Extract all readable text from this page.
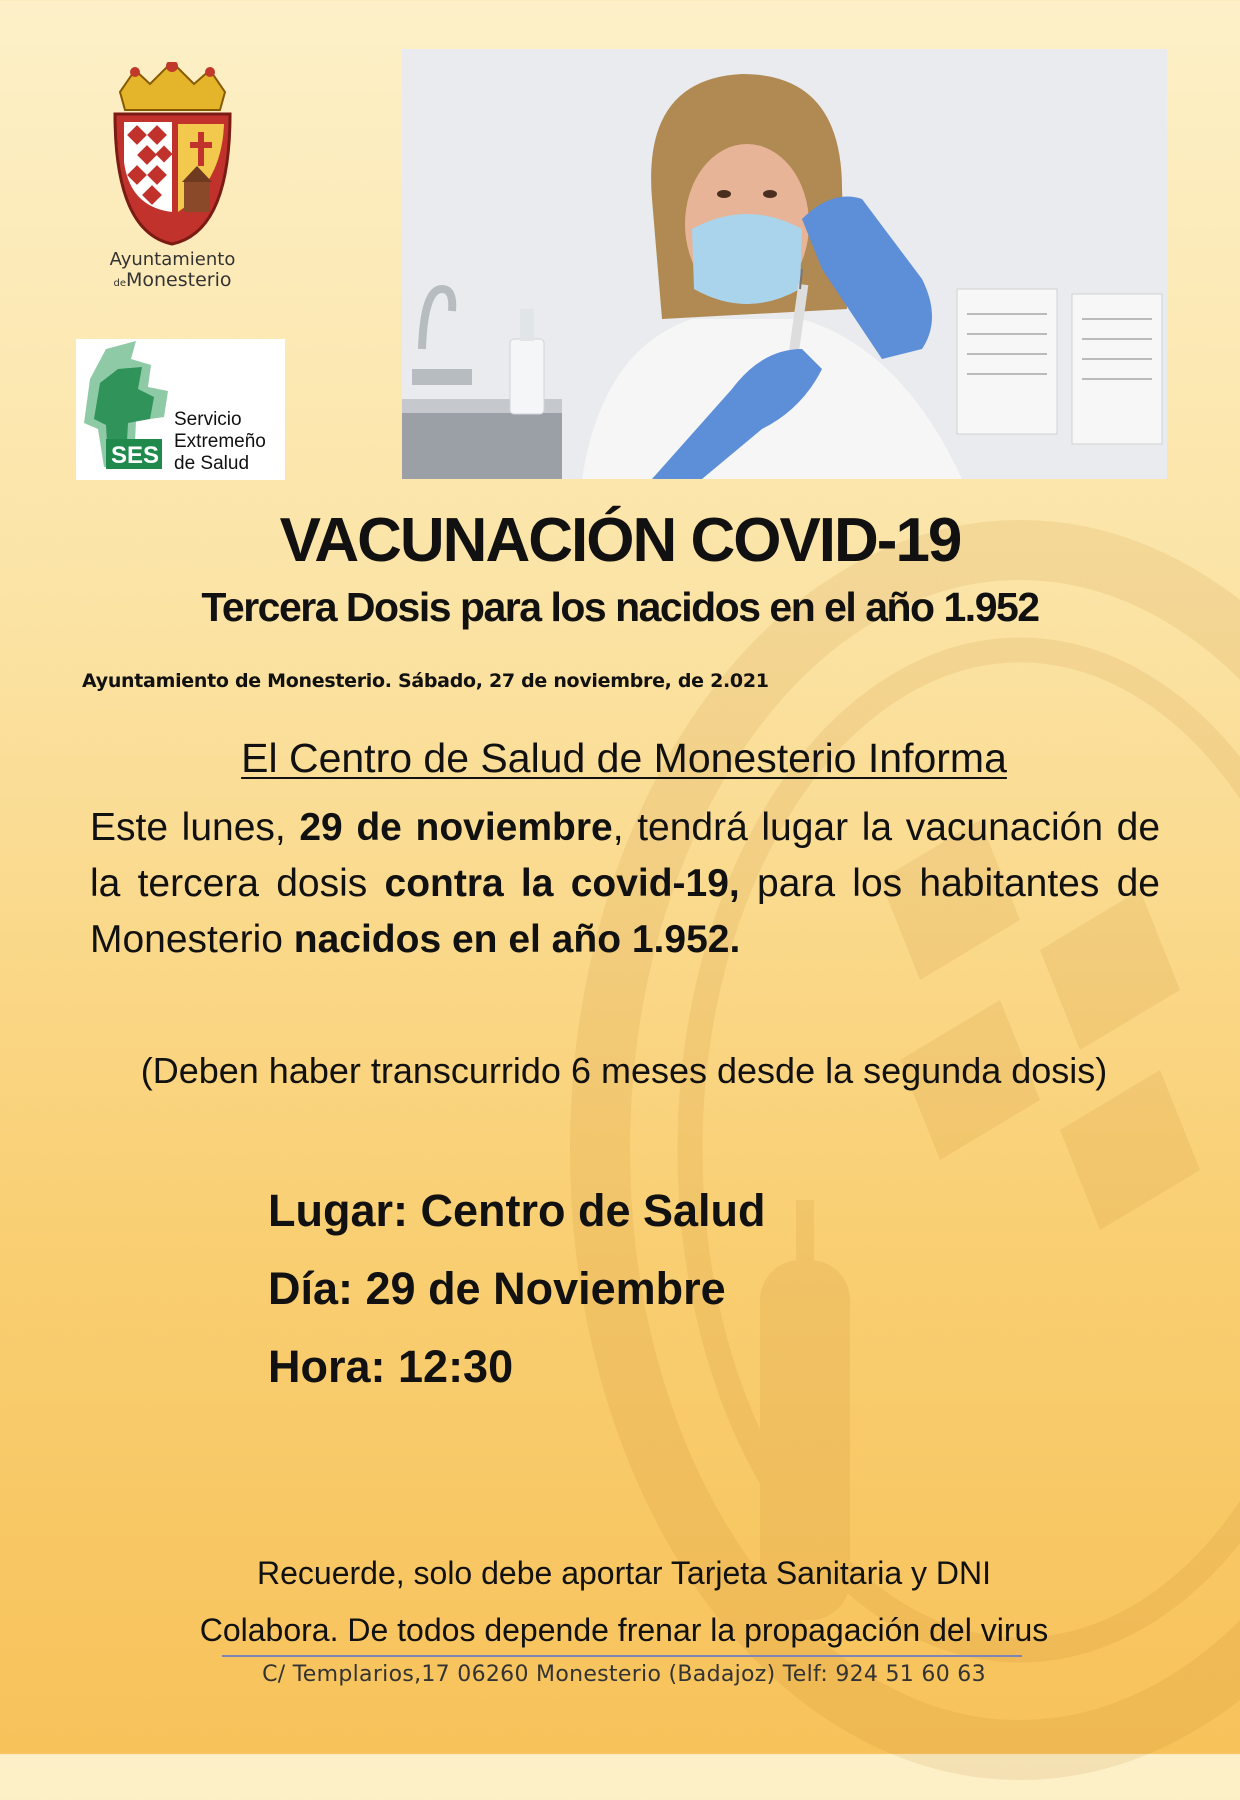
Ayuntamiento
deMonesterio
SES
Servicio
Extremeño
de Salud
VACUNACIÓN COVID-19
Tercera Dosis para los nacidos en el año 1.952
Ayuntamiento de Monesterio. Sábado, 27 de noviembre, de 2.021
El Centro de Salud de Monesterio Informa
Este lunes, 29 de noviembre, tendrá lugar la vacunación de la tercera dosis contra la covid-19, para los habitantes de Monesterio nacidos en el año 1.952.
(Deben haber transcurrido 6 meses desde la segunda dosis)
Lugar: Centro de Salud
Día: 29 de Noviembre
Hora: 12:30
Recuerde, solo debe aportar Tarjeta Sanitaria y DNI
Colabora. De todos depende frenar la propagación del virus
C/ Templarios,17 06260 Monesterio (Badajoz) Telf: 924 51 60 63
